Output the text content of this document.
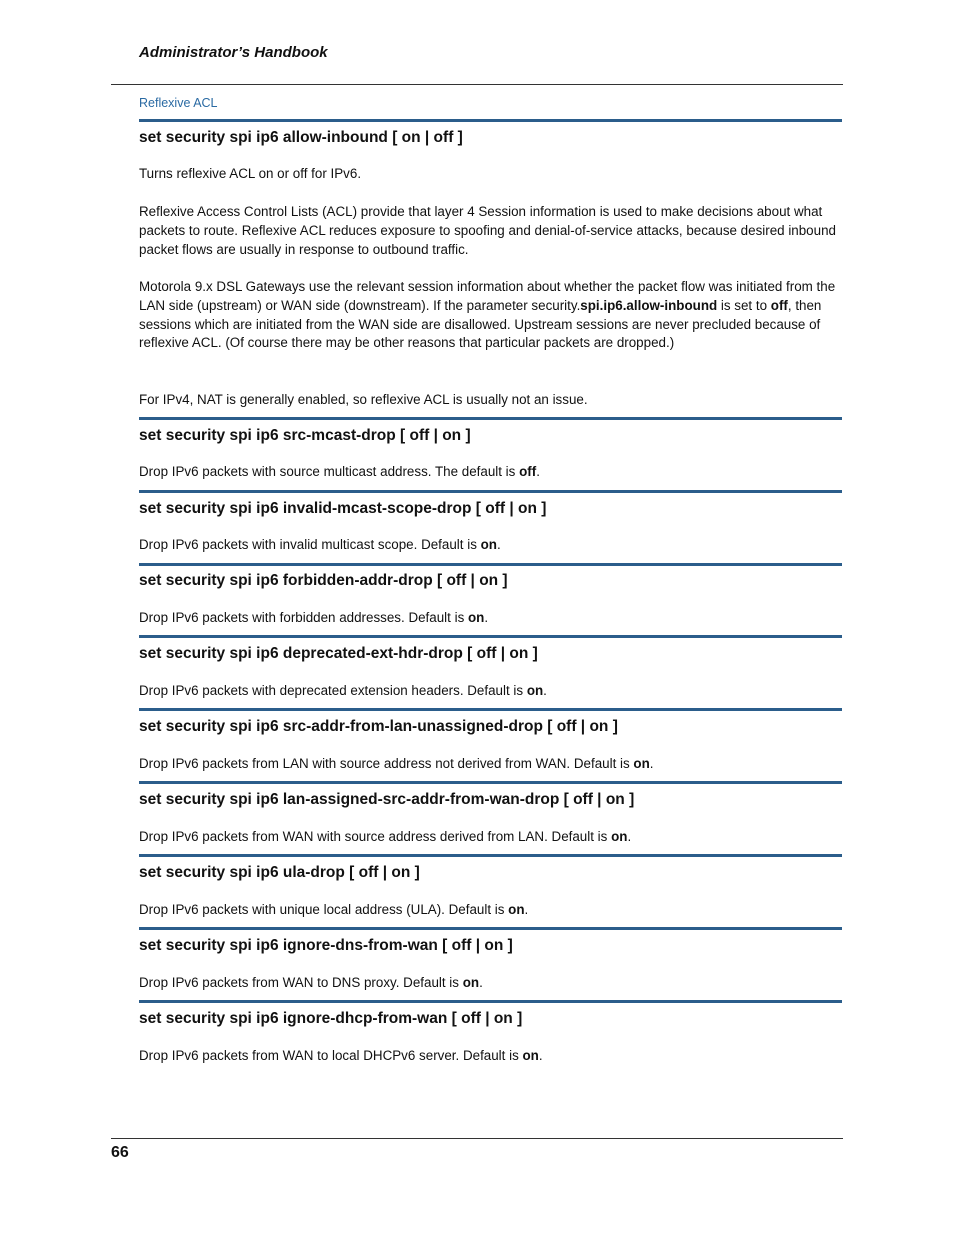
Administrator’s Handbook
Reflexive ACL
set security spi ip6 allow-inbound [ on | off ]
Turns reflexive ACL on or off for IPv6.
Reflexive Access Control Lists (ACL) provide that layer 4 Session information is used to make decisions about what packets to route. Reflexive ACL reduces exposure to spoofing and denial-of-service attacks, because desired inbound packet flows are usually in response to outbound traffic.
Motorola 9.x DSL Gateways use the relevant session information about whether the packet flow was initiated from the LAN side (upstream) or WAN side (downstream). If the parameter security.spi.ip6.allow-inbound is set to off, then sessions which are initiated from the WAN side are disallowed. Upstream sessions are never precluded because of reflexive ACL. (Of course there may be other reasons that particular packets are dropped.)
For IPv4, NAT is generally enabled, so reflexive ACL is usually not an issue.
set security spi ip6 src-mcast-drop [ off | on ]
Drop IPv6 packets with source multicast address. The default is off.
set security spi ip6 invalid-mcast-scope-drop [ off | on ]
Drop IPv6 packets with invalid multicast scope. Default is on.
set security spi ip6 forbidden-addr-drop [ off | on ]
Drop IPv6 packets with forbidden addresses. Default is on.
set security spi ip6 deprecated-ext-hdr-drop [ off | on ]
Drop IPv6 packets with deprecated extension headers. Default is on.
set security spi ip6 src-addr-from-lan-unassigned-drop [ off | on ]
Drop IPv6 packets from LAN with source address not derived from WAN. Default is on.
set security spi ip6 lan-assigned-src-addr-from-wan-drop [ off | on ]
Drop IPv6 packets from WAN with source address derived from LAN. Default is on.
set security spi ip6 ula-drop [ off | on ]
Drop IPv6 packets with unique local address (ULA). Default is on.
set security spi ip6 ignore-dns-from-wan [ off | on ]
Drop IPv6 packets from WAN to DNS proxy. Default is on.
set security spi ip6 ignore-dhcp-from-wan [ off | on ]
Drop IPv6 packets from WAN to local DHCPv6 server. Default is on.
66
